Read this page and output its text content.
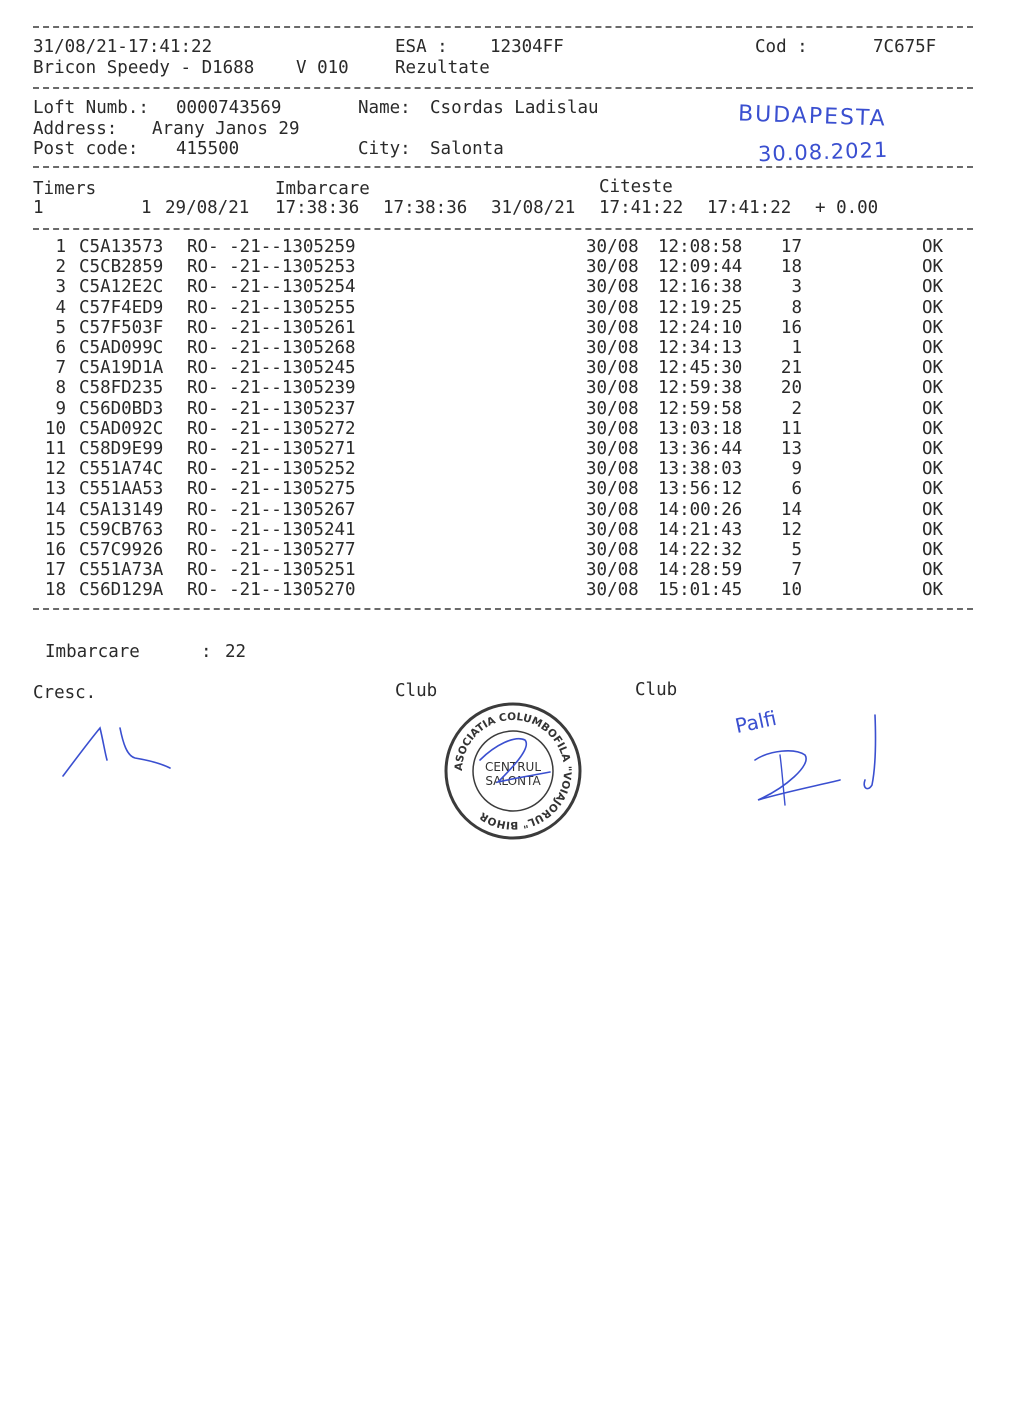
31/08/21-17:41:22	ESA : 12304FF	Cod :	7C675F
Bricon Speedy - D1688 V 010	Rezultate
Loft Numb.: 0000743569	Name: Csordas Ladislau
Address: Arany Janos 29
Post code: 415500	City: Salonta
BUDAPESTA
30.08.2021
Timers	Imbarcare	Citeste
1	1 29/08/21 17:38:36 17:38:36 31/08/21 17:41:22 17:41:22 + 0.00
1 C5A13573 RO- -21--1305259	30/08 12:08:58 17	OK
2 C5CB2859 RO- -21--1305253	30/08 12:09:44 18	OK
3 C5A12E2C RO- -21--1305254	30/08 12:16:38	3	OK
4 C57F4ED9 RO- -21--1305255	30/08 12:19:25	8	OK
5 C57F503F RO- -21--1305261	30/08 12:24:10 16	OK
6 C5AD099C RO- -21--1305268	30/08 12:34:13	1	OK
7 C5A19D1A RO- -21--1305245	30/08 12:45:30 21	OK
8 C58FD235 RO- -21--1305239	30/08 12:59:38 20	OK
9 C56D0BD3 RO- -21--1305237	30/08 12:59:58	2	OK
10 C5AD092C RO- -21--1305272	30/08 13:03:18 11	OK
11 C58D9E99 RO- -21--1305271	30/08 13:36:44 13	OK
12 C551A74C RO- -21--1305252	30/08 13:38:03	9	OK
13 C551AA53 RO- -21--1305275	30/08 13:56:12	6	OK
14 C5A13149 RO- -21--1305267	30/08 14:00:26 14	OK
15 C59CB763 RO- -21--1305241	30/08 14:21:43 12	OK
16 C57C9926 RO- -21--1305277	30/08 14:22:32	5	OK
17 C551A73A RO- -21--1305251	30/08 14:28:59	7	OK
18 C56D129A RO- -21--1305270	30/08 15:01:45 10	OK
Imbarcare	: 22
Cresc.	Club	Club
ASOCIATIA COLUMBOFILA "VOIAJORUL" BIHOR
CENTRUL
SALONTA
Palfi
